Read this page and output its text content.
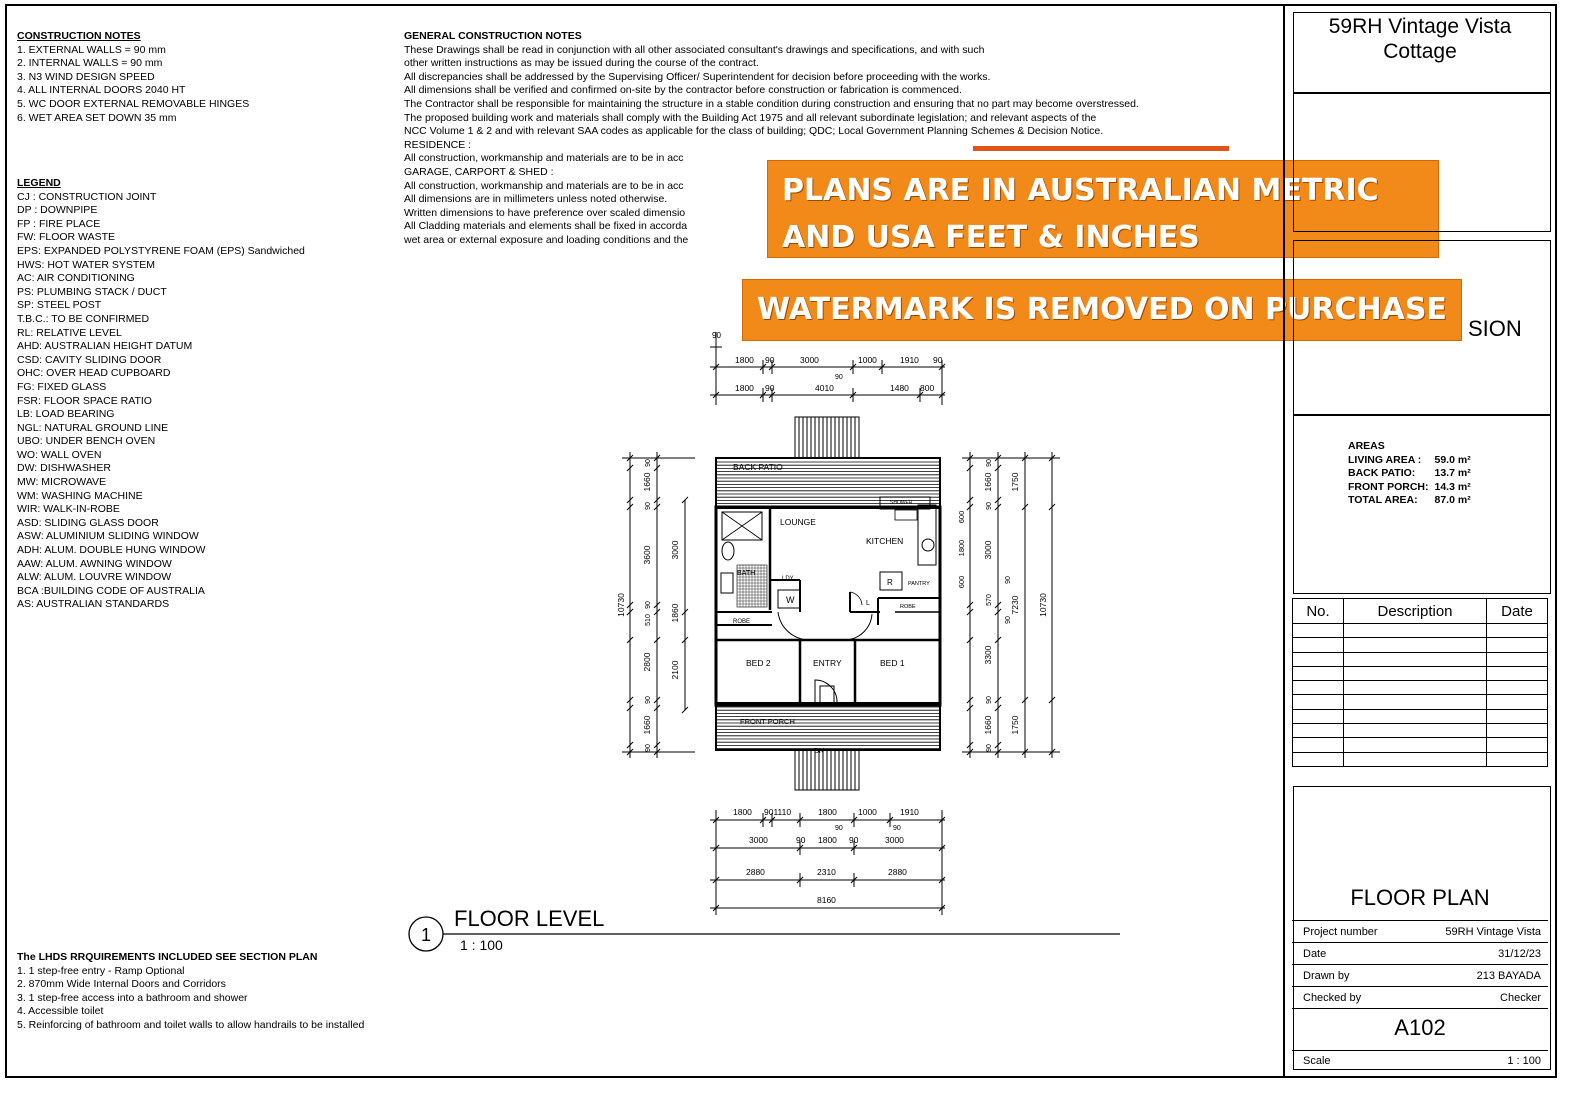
CONSTRUCTION NOTES
1. EXTERNAL WALLS = 90 mm
2. INTERNAL WALLS = 90 mm
3. N3 WIND DESIGN SPEED
4. ALL INTERNAL DOORS 2040 HT
5. WC DOOR EXTERNAL REMOVABLE HINGES
6. WET AREA SET DOWN 35 mm
LEGEND
CJ : CONSTRUCTION JOINT
DP : DOWNPIPE
FP : FIRE PLACE
FW: FLOOR WASTE
EPS: EXPANDED POLYSTYRENE FOAM (EPS) Sandwiched
HWS: HOT WATER SYSTEM
AC: AIR CONDITIONING
PS: PLUMBING STACK / DUCT
SP: STEEL POST
T.B.C.: TO BE CONFIRMED
RL: RELATIVE LEVEL
AHD: AUSTRALIAN HEIGHT DATUM
CSD: CAVITY SLIDING DOOR
OHC: OVER HEAD CUPBOARD
FG: FIXED GLASS
FSR: FLOOR SPACE RATIO
LB: LOAD BEARING
NGL: NATURAL GROUND LINE
UBO: UNDER BENCH OVEN
WO: WALL OVEN
DW: DISHWASHER
MW: MICROWAVE
WM: WASHING MACHINE
WIR: WALK-IN-ROBE
ASD: SLIDING GLASS DOOR
ASW: ALUMINIUM SLIDING WINDOW
ADH: ALUM. DOUBLE HUNG WINDOW
AAW: ALUM. AWNING WINDOW
ALW: ALUM. LOUVRE WINDOW
BCA :BUILDING CODE OF AUSTRALIA
AS: AUSTRALIAN STANDARDS
GENERAL CONSTRUCTION NOTES
These Drawings shall be read in conjunction with all other associated consultant's drawings and specifications, and with such
other written instructions as may be issued during the course of the contract.
All discrepancies shall be addressed by the Supervising Officer/ Superintendent for decision before proceeding with the works.
All dimensions shall be verified and confirmed on-site by the contractor before construction or fabrication is commenced.
The Contractor shall be responsible for maintaining the structure in a stable condition during construction and ensuring that no part may become overstressed.
The proposed building work and materials shall comply with the Building Act 1975 and all relevant subordinate legislation; and relevant aspects of the
NCC Volume 1 & 2 and with relevant SAA codes as applicable for the class of building; QDC; Local Government Planning Schemes & Decision Notice.
RESIDENCE :
All construction, workmanship and materials are to be in acc
GARAGE, CARPORT & SHED :
All construction, workmanship and materials are to be in acc
All dimensions are in millimeters unless noted otherwise.
Written dimensions to have preference over scaled dimensio
All Cladding materials and elements shall be fixed in accorda
wet area or external exposure and loading conditions and the
The LHDS RRQUIREMENTS INCLUDED SEE SECTION PLAN
1. 1 step-free entry - Ramp Optional
2. 870mm Wide Internal Doors and Corridors
3. 1 step-free access into a bathroom and shower
4. Accessible toilet
5. Reinforcing of bathroom and toilet walls to allow handrails to be installed
BACK PATIO
LOUNGE
KITCHEN
BATH
LDY
W
ROBE
BED 2	ENTRY	BED 1
FRONT PORCH
DN
PANTRY
ROBE
R
L
SHOWER
90
1800 90	3000	1000	1910 90
90
1800 90	4010	1480 800
1800 901110	1800 1000	1910
90	90
3000	90 1800 90	3000
2880	2310	2880
8160
10730
90
1660
90
3600
90
510
2800
90
1660
90
3000
1860
2100
10730
90
1660
90
600
1800
600
570
3300
90
1660
90
3000
1750
90
90
7230
1750
1
FLOOR LEVEL
1 : 100
PLANS ARE IN AUSTRALIAN METRIC
AND USA FEET & INCHES
WATERMARK IS REMOVED ON PURCHASE
59RH Vintage Vista Cottage
SION
AREAS
LIVING AREA :	59.0 m²
BACK PATIO:	13.7 m²
FRONT PORCH:	14.3 m²
TOTAL AREA:	87.0 m²
No.	Description	Date

FLOOR PLAN
Project number	59RH Vintage Vista
Date	31/12/23
Drawn by	213 BAYADA
Checked by	Checker
A102
Scale	1 : 100
